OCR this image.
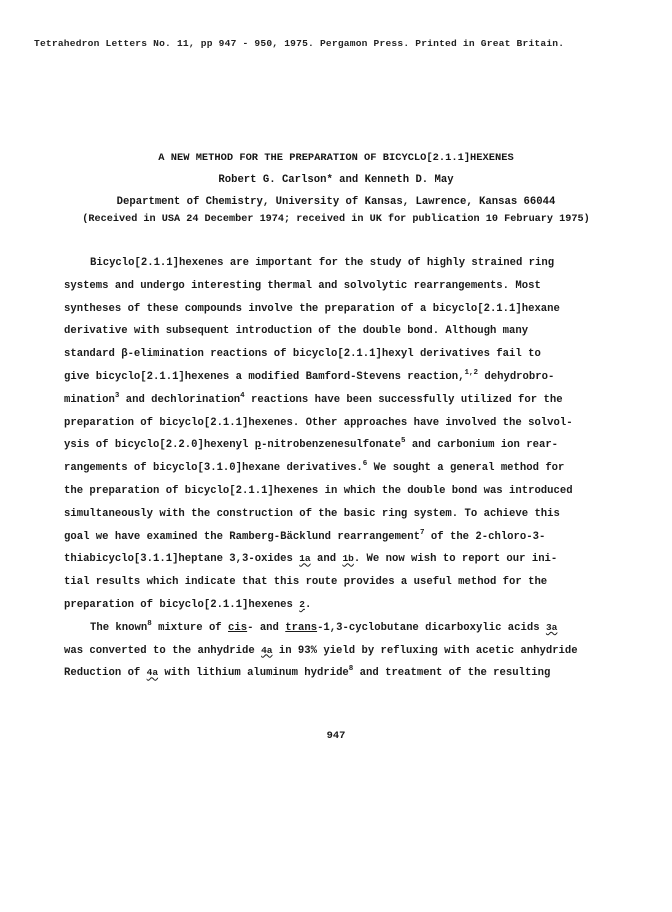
Tetrahedron Letters No. 11, pp 947 - 950, 1975. Pergamon Press. Printed in Great Britain.
A NEW METHOD FOR THE PREPARATION OF BICYCLO[2.1.1]HEXENES
Robert G. Carlson* and Kenneth D. May
Department of Chemistry, University of Kansas, Lawrence, Kansas 66044
(Received in USA 24 December 1974; received in UK for publication 10 February 1975)
Bicyclo[2.1.1]hexenes are important for the study of highly strained ring
systems and undergo interesting thermal and solvolytic rearrangements. Most
syntheses of these compounds involve the preparation of a bicyclo[2.1.1]hexane
derivative with subsequent introduction of the double bond. Although many
standard β-elimination reactions of bicyclo[2.1.1]hexyl derivatives fail to
give bicyclo[2.1.1]hexenes a modified Bamford-Stevens reaction,$^{1,2}$ dehydrobro-
mination$^3$ and dechlorination$^4$ reactions have been successfully utilized for the
preparation of bicyclo[2.1.1]hexenes. Other approaches have involved the solvol-
ysis of bicyclo[2.2.0]hexenyl p-nitrobenzenesulfonate$^5$ and carbonium ion rear-
rangements of bicyclo[3.1.0]hexane derivatives.$^6$ We sought a general method for
the preparation of bicyclo[2.1.1]hexenes in which the double bond was introduced
simultaneously with the construction of the basic ring system. To achieve this
goal we have examined the Ramberg-Bäcklund rearrangement$^7$ of the 2-chloro-3-
thiabicyclo[3.1.1]heptane 3,3-oxides 1a and 1b. We now wish to report our ini-
tial results which indicate that this route provides a useful method for the
preparation of bicyclo[2.1.1]hexenes 2.
The known$^8$ mixture of cis- and trans-1,3-cyclobutane dicarboxylic acids 3a
was converted to the anhydride 4a in 93% yield by refluxing with acetic anhydride
Reduction of 4a with lithium aluminum hydride$^8$ and treatment of the resulting
947
